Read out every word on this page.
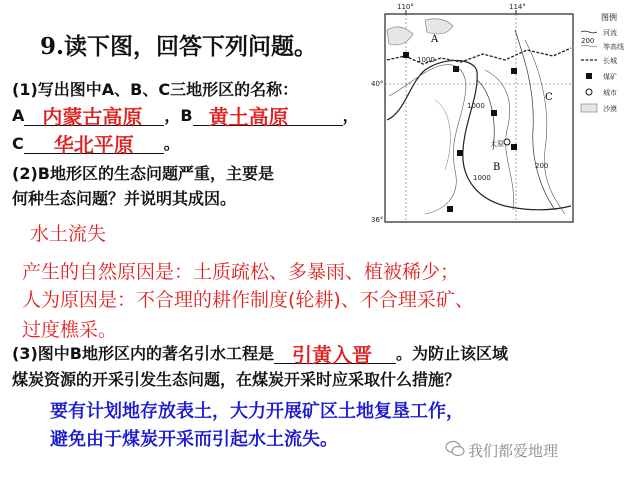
9.读下图，回答下列问题。
(1)写出图中A、B、C三地形区的名称：
A 内蒙古高原 ，B 黄土高原	，
C 华北平原 。
(2)B地形区的生态问题严重，主要是
何种生态问题？并说明其成因。
水土流失
产生的自然原因是：土质疏松、多暴雨、植被稀少；
人为原因是：不合理的耕作制度(轮耕)、不合理采矿、
过度樵采。
(3)图中B地形区内的著名引水工程是 引黄入晋 。为防止该区域
煤炭资源的开采引发生态问题，在煤炭开采时应采取什么措施？
要有计划地存放表土，大力开展矿区土地复垦工作，
避免由于煤炭开采而引起水土流失。
110°	114°
40°
36°
A
B
C
1000
1000
1000
200
太原
图例
河流
200
等高线
长城
煤矿
城市
沙漠
我们都爱地理
